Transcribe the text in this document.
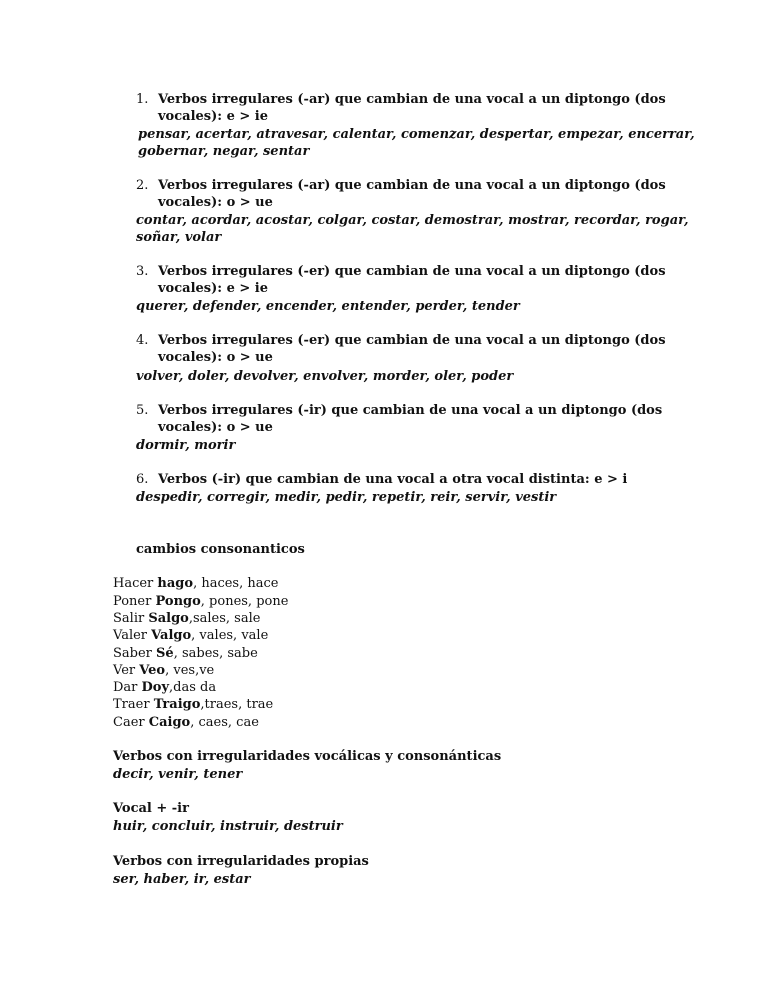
1. Verbos irregulares (-ar) que cambian de una vocal a un diptongo (dos
vocales): e > ie
pensar, acertar, atravesar, calentar, comenzar, despertar, empezar, encerrar,
gobernar, negar, sentar
2. Verbos irregulares (-ar) que cambian de una vocal a un diptongo (dos
vocales): o > ue
contar, acordar, acostar, colgar, costar, demostrar, mostrar, recordar, rogar,
soñar, volar
3. Verbos irregulares (-er) que cambian de una vocal a un diptongo (dos
vocales): e > ie
querer, defender, encender, entender, perder, tender
4. Verbos irregulares (-er) que cambian de una vocal a un diptongo (dos
vocales): o > ue
volver, doler, devolver, envolver, morder, oler, poder
5. Verbos irregulares (-ir) que cambian de una vocal a un diptongo (dos
vocales): o > ue
dormir, morir
6. Verbos (-ir) que cambian de una vocal a otra vocal distinta: e > i
despedir, corregir, medir, pedir, repetir, reir, servir, vestir
cambios consonanticos
Hacer hago, haces, hace
Poner Pongo, pones, pone
Salir Salgo,sales, sale
Valer Valgo, vales, vale
Saber Sé, sabes, sabe
Ver Veo, ves,ve
Dar Doy,das da
Traer Traigo,traes, trae
Caer Caigo, caes, cae
Verbos con irregularidades vocálicas y consonánticas
decir, venir, tener
Vocal + -ir
huir, concluir, instruir, destruir
Verbos con irregularidades propias
ser, haber, ir, estar
